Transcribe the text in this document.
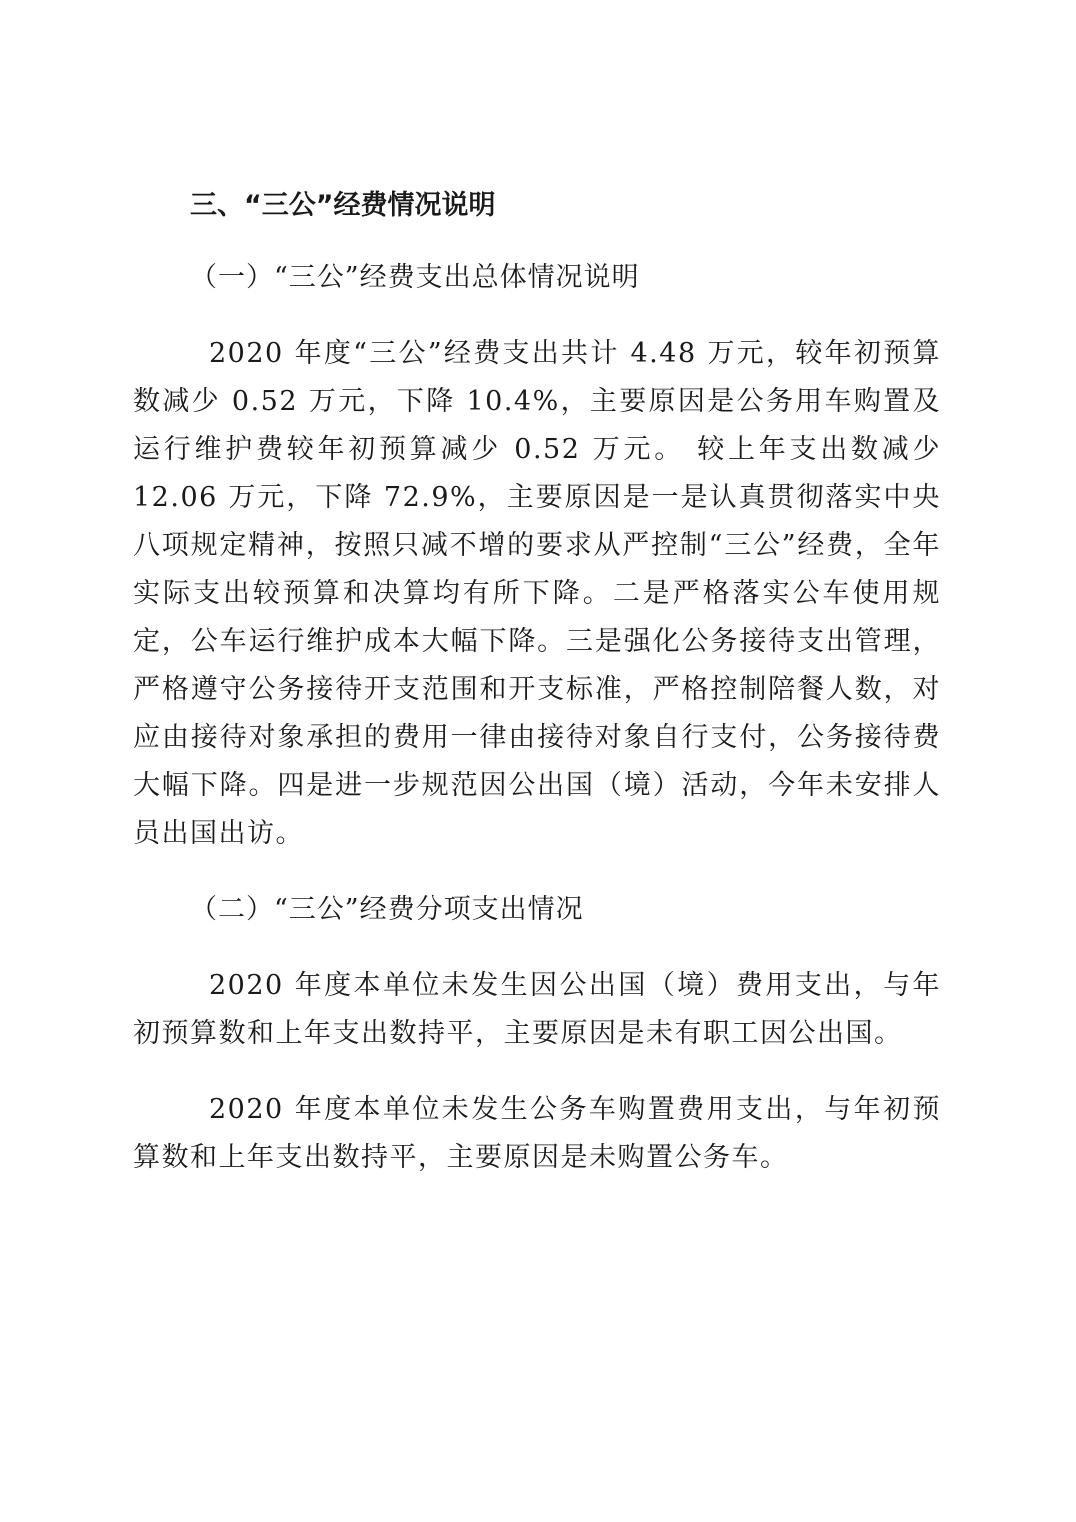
三、“三公”经费情况说明
（一）“三公”经费支出总体情况说明

2020 年度“三公”经费支出共计 4.48 万元，较年初预算数减少 0.52 万元，下降 10.4%，主要原因是公务用车购置及运行维护费较年初预算减少 0.52 万元。 较上年支出数减少 12.06 万元，下降 72.9%，主要原因是一是认真贯彻落实中央八项规定精神，按照只减不增的要求从严控制“三公”经费，全年实际支出较预算和决算均有所下降。二是严格落实公车使用规定，公车运行维护成本大幅下降。三是强化公务接待支出管理，严格遵守公务接待开支范围和开支标准，严格控制陪餐人数，对应由接待对象承担的费用一律由接待对象自行支付，公务接待费大幅下降。四是进一步规范因公出国（境）活动，今年未安排人员出国出访。

（二）“三公”经费分项支出情况

2020 年度本单位未发生因公出国（境）费用支出，与年初预算数和上年支出数持平，主要原因是未有职工因公出国。

2020 年度本单位未发生公务车购置费用支出，与年初预算数和上年支出数持平，主要原因是未购置公务车。
